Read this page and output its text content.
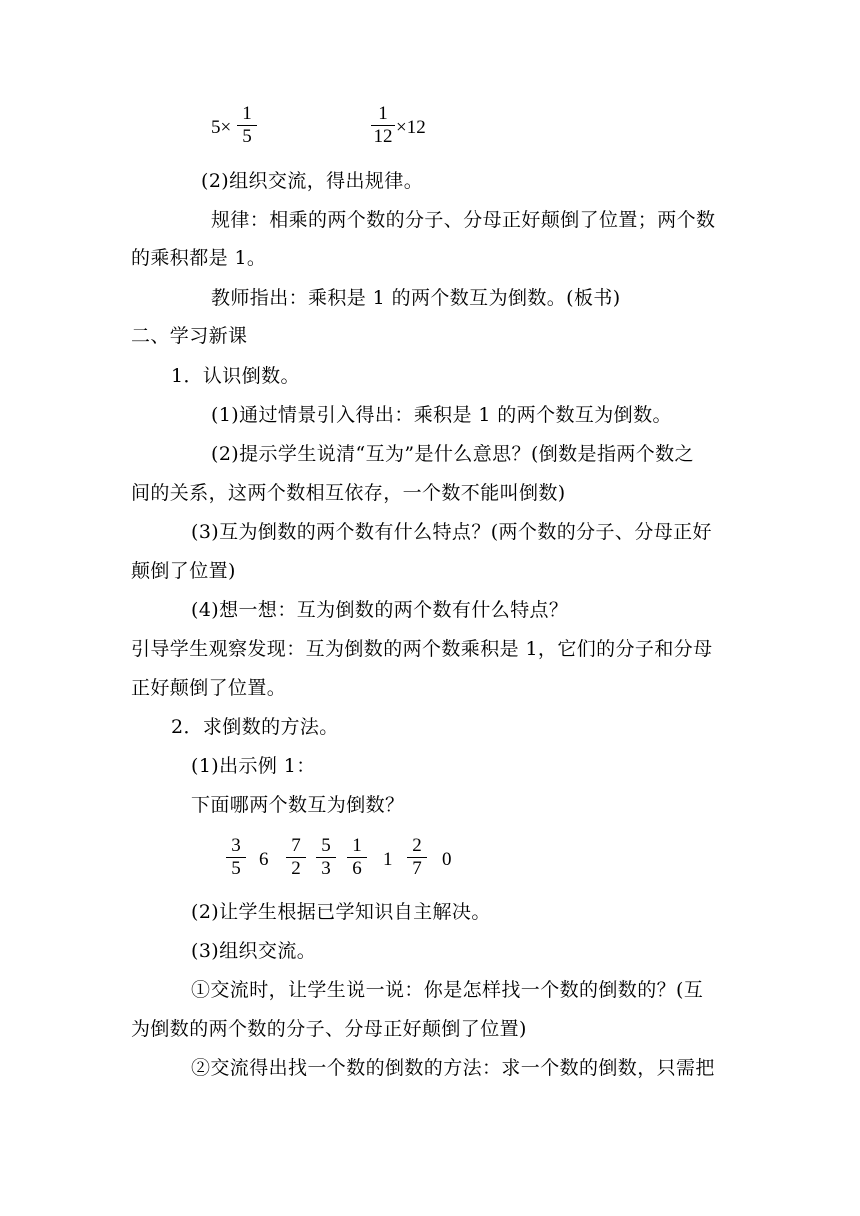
5×
1
5
1
12 ×12
(2)组织交流，得出规律。
规律：相乘的两个数的分子、分母正好颠倒了位置；两个数
的乘积都是 1。
教师指出：乘积是 1 的两个数互为倒数。(板书)
二、学习新课
1．认识倒数。
(1)通过情景引入得出：乘积是 1 的两个数互为倒数。
(2)提示学生说清“互为”是什么意思？(倒数是指两个数之
间的关系，这两个数相互依存，一个数不能叫倒数)
(3)互为倒数的两个数有什么特点？(两个数的分子、分母正好
颠倒了位置)
(4)想一想：互为倒数的两个数有什么特点？
引导学生观察发现：互为倒数的两个数乘积是 1，它们的分子和分母
正好颠倒了位置。
2．求倒数的方法。
(1)出示例 1：
下面哪两个数互为倒数？
3
5 6
7
2
5
3
1
6	1
2
7	0
(2)让学生根据已学知识自主解决。
(3)组织交流。
①交流时，让学生说一说：你是怎样找一个数的倒数的？(互
为倒数的两个数的分子、分母正好颠倒了位置)
②交流得出找一个数的倒数的方法：求一个数的倒数，只需把
